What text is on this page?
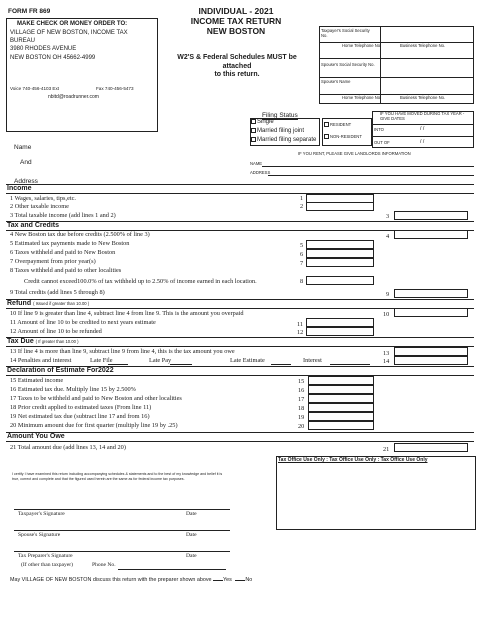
FORM FR 869
MAKE CHECK OR MONEY ORDER TO:
VILLAGE OF NEW BOSTON, INCOME TAX
BUREAU
3980 RHODES AVENUE
NEW BOSTON OH 45662-4999
Voice 740-456-4103 Ext	Fax 740-456-5473
nbitd@roadrunner.com
INDIVIDUAL - 2021
INCOME TAX RETURN
NEW BOSTON
W2'S & Federal Schedules MUST be
attached
to this return.
Taxpayer's Social Security No.
Home Telephone No.	Business Telephone No.
Spouse's Social Security No.
Spouse's Name
Home Telephone No.	Business Telephone No.
Name
And
Address
Filing Status
Single
Married filing joint
Married filing separate
RESIDENT
NON-RESIDENT
IF YOU HAVE MOVED DURING TAX YEAR - GIVE DATES
INTO	/ /
OUT OF	/ /
IF YOU RENT, PLEASE GIVE LANDLORDS INFORMATION
NAME
ADDRESS
Income
1 Wages, salaries, tips,etc.	1
2 Other taxable income	2
3 Total taxable income (add lines 1 and 2)	3
Tax and Credits
4 New Boston tax due before credits (2.500% of line 3)	4
5 Estimated tax payments made to New Boston	5
6 Taxes withheld and paid to New Boston	6
7 Overpayment from prior year(s)	7
8 Taxes withheld and paid to other localities
Credit cannot exceed100.0% of tax withheld up to 2.50% of income earned in each location.	8
9 Total credits (add lines 5 through 8)	9
Refund ( Issued if greater than 10.00 )
10 If line 9 is greater than line 4, subtract line 4 from line 9. This is the amount you overpaid	10
11 Amount of line 10 to be credited to next years estimate	11
12 Amount of line 10 to be refunded	12
Tax Due ( If greater than 10.00 )
13 If line 4 is more than line 9, subtract line 9 from line 4, this is the tax amount you owe	13
14 Penalties and interest	Late File	Late Pay	Late Estimate	Interest	14
Declaration of Estimate For2022
15 Estimated income	15
16 Estimated tax due. Multiply line 15 by 2.500%	16
17 Taxes to be withheld and paid to New Boston and other localities	17
18 Prior credit applied to estimated taxes (From line 11)	18
19 Net estimated tax due (subtract line 17 and from 16)	19
20 Minimum amount due for first quarter (multiply line 19 by .25)	20
Amount You Owe
21 Total amount due (add lines 13, 14 and 20)	21
Tax Office Use Only : Tax Office Use Only : Tax Office Use Only
I certify I have examined this return including accompanying schedules & statements and to the best of my knowledge and belief it is
true, correct and complete and that the figured used herein are the same as for federal income tax purposes.
Taxpayer's Signature	Date
Spouse's Signature	Date
Tax Preparer's Signature	Date
(If other than taxpayer)	Phone No.
May VILLAGE OF NEW BOSTON discuss this return with the preparer shown above Yes	No
